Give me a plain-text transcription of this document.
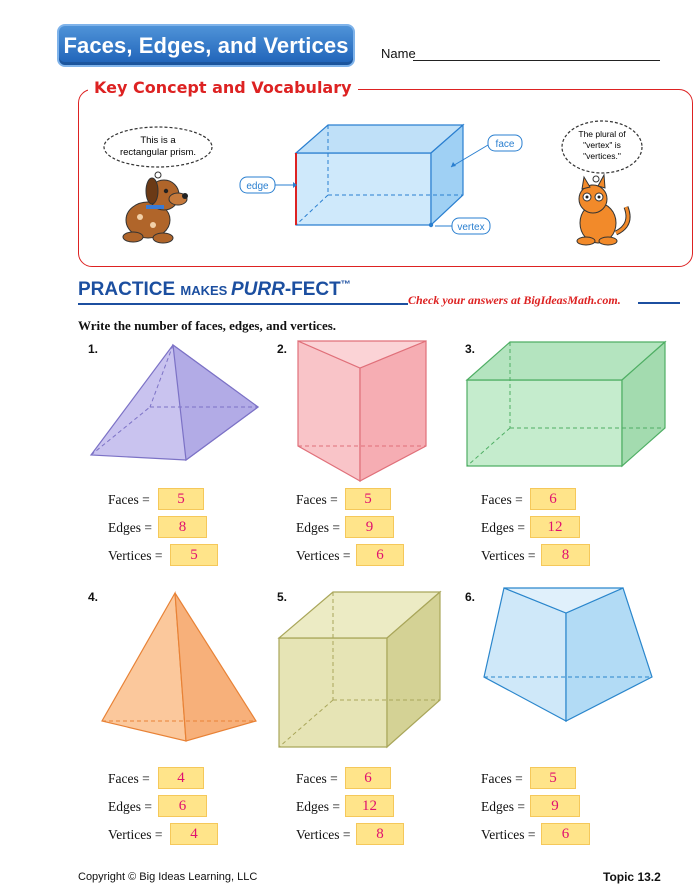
Faces, Edges, and Vertices	Name
Key Concept and Vocabulary
This is a
rectangular prism.
edge
face
vertex
The plural of
"vertex" is
"vertices."
PRACTICE MAKES PURR-FECT™
Check your answers at BigIdeasMath.com.
Write the number of faces, edges, and vertices.
1.	2.	3.
Faces =	5
Edges =	8
Vertices =	5
Faces =	5
Edges =	9
Vertices =	6
Faces =	6
Edges =	12
Vertices =	8
4.	5.	6.
Faces =	4
Edges =	6
Vertices =	4
Faces =	6
Edges =	12
Vertices =	8
Faces =	5
Edges =	9
Vertices =	6
Copyright © Big Ideas Learning, LLC	Topic 13.2
